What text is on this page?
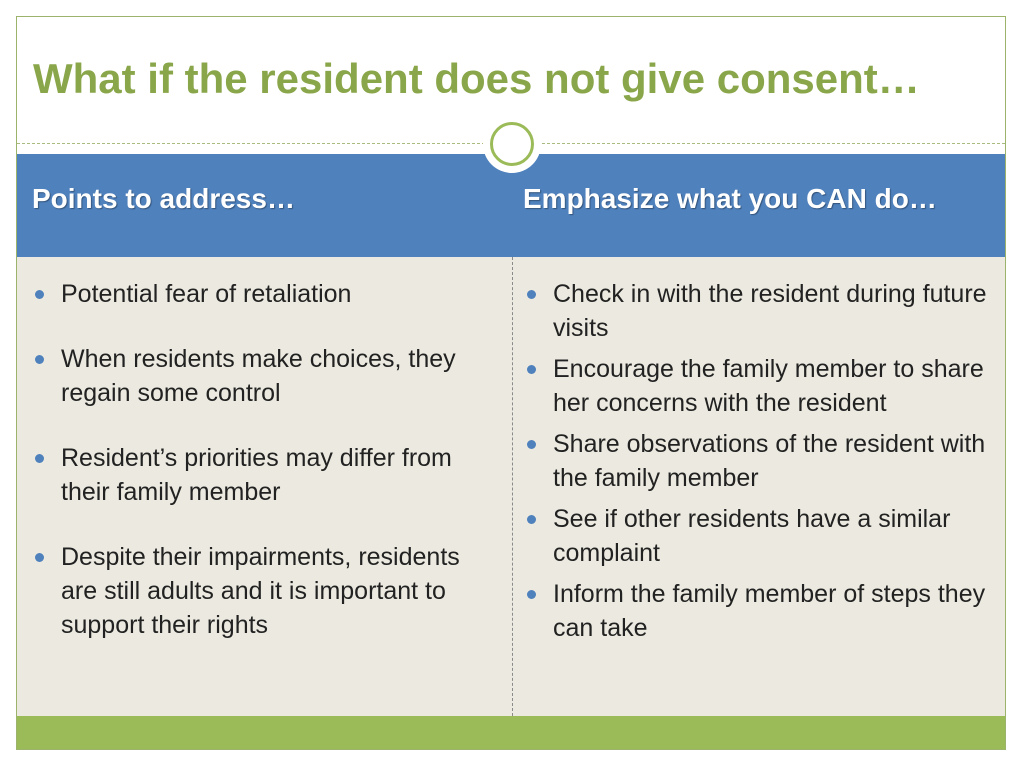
What if the resident does not give consent…
Points to address…	Emphasize what you CAN do…
Potential fear of retaliation
When residents make choices, they regain some control
Resident’s priorities may differ from their family member
Despite their impairments, residents are still adults and it is important to support their rights
Check in with the resident during future visits
Encourage the family member to share her concerns with the resident
Share observations of the resident with the family member
See if other residents have a similar complaint
Inform the family member of steps they can take
